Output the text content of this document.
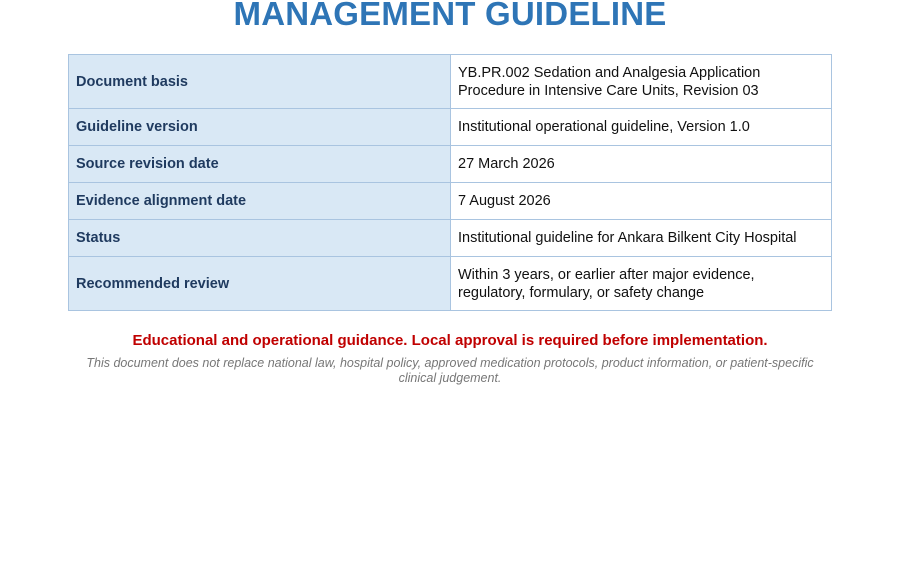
MANAGEMENT GUIDELINE
Document basis	YB.PR.002 Sedation and Analgesia Application Procedure in Intensive Care Units, Revision 03
Guideline version	Institutional operational guideline, Version 1.0
Source revision date	27 March 2026
Evidence alignment date	7 August 2026
Status	Institutional guideline for Ankara Bilkent City Hospital
Recommended review	Within 3 years, or earlier after major evidence, regulatory, formulary, or safety change
Educational and operational guidance. Local approval is required before implementation.
This document does not replace national law, hospital policy, approved medication protocols, product information, or patient-specific clinical judgement.
